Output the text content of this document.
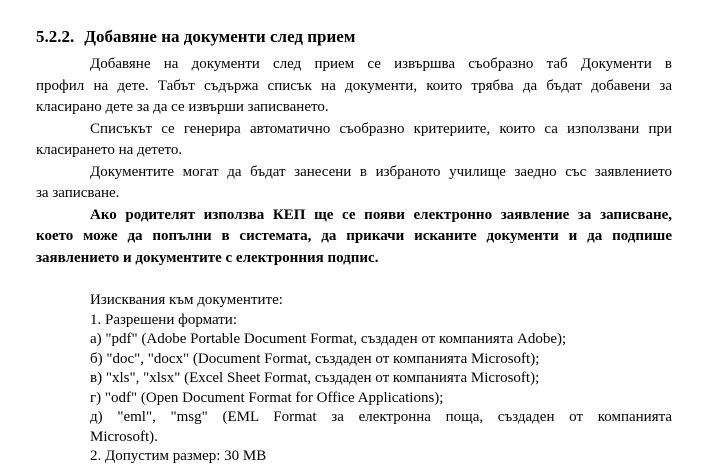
5.2.2. Добавяне на документи след прием
Добавяне на документи след прием се извършва съобразно таб Документи в
профил на дете. Табът съдържа списък на документи, които трябва да бъдат добавени за
класирано дете за да се извърши записването.
Списъкът се генерира автоматично съобразно критериите, които са използвани при
класирането на детето.
Документите могат да бъдат занесени в избраното училище заедно със заявлението
за записване.
Ако родителят използва КЕП ще се появи електронно заявление за записване,
което може да попълни в системата, да прикачи исканите документи и да подпише
заявлението и документите с електронния подпис.
Изисквания към документите:
1. Разрешени формати:
а) "pdf" (Adobe Portable Document Format, създаден от компанията Adobe);
б) "doc", "docx" (Document Format, създаден от компанията Microsoft);
в) "xls", "xlsx" (Excel Sheet Format, създаден от компанията Microsoft);
г) "odf" (Open Document Format for Office Applications);
д) "eml", "msg" (EML Format за електронна поща, създаден от компанията
Microsoft).
2. Допустим размер: 30 MB
